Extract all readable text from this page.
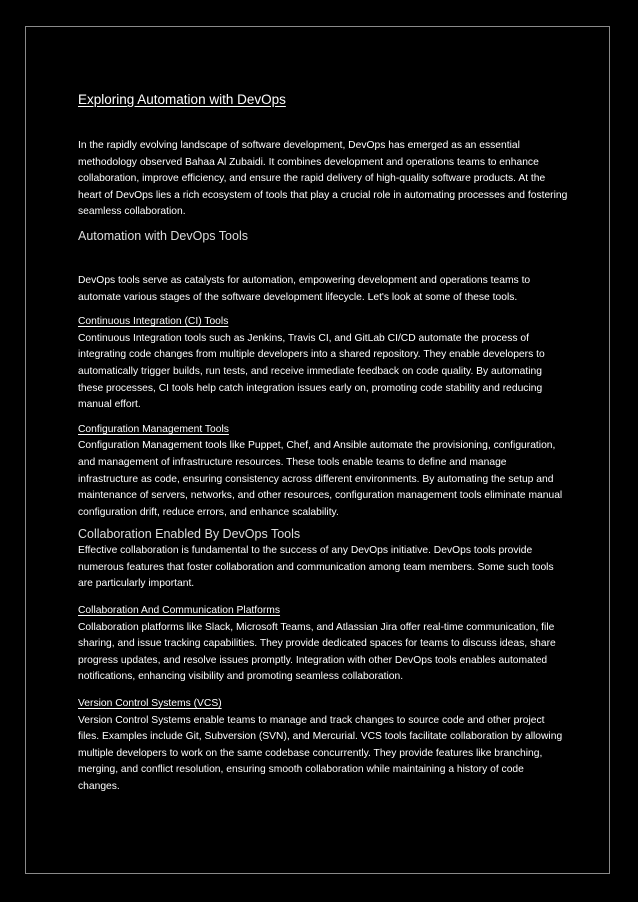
Exploring Automation with DevOps

In the rapidly evolving landscape of software development, DevOps has emerged as an essential methodology observed Bahaa Al Zubaidi. It combines development and operations teams to enhance collaboration, improve efficiency, and ensure the rapid delivery of high-quality software products. At the heart of DevOps lies a rich ecosystem of tools that play a crucial role in automating processes and fostering seamless collaboration.

Automation with DevOps Tools

DevOps tools serve as catalysts for automation, empowering development and operations teams to automate various stages of the software development lifecycle. Let's look at some of these tools.

Continuous Integration (CI) Tools

Continuous Integration tools such as Jenkins, Travis CI, and GitLab CI/CD automate the process of integrating code changes from multiple developers into a shared repository. They enable developers to automatically trigger builds, run tests, and receive immediate feedback on code quality. By automating these processes, CI tools help catch integration issues early on, promoting code stability and reducing manual effort.

Configuration Management Tools

Configuration Management tools like Puppet, Chef, and Ansible automate the provisioning, configuration, and management of infrastructure resources. These tools enable teams to define and manage infrastructure as code, ensuring consistency across different environments. By automating the setup and maintenance of servers, networks, and other resources, configuration management tools eliminate manual configuration drift, reduce errors, and enhance scalability.

Collaboration Enabled By DevOps Tools

Effective collaboration is fundamental to the success of any DevOps initiative. DevOps tools provide numerous features that foster collaboration and communication among team members. Some such tools are particularly important.

Collaboration And Communication Platforms

Collaboration platforms like Slack, Microsoft Teams, and Atlassian Jira offer real-time communication, file sharing, and issue tracking capabilities. They provide dedicated spaces for teams to discuss ideas, share progress updates, and resolve issues promptly. Integration with other DevOps tools enables automated notifications, enhancing visibility and promoting seamless collaboration.

Version Control Systems (VCS)

Version Control Systems enable teams to manage and track changes to source code and other project files. Examples include Git, Subversion (SVN), and Mercurial. VCS tools facilitate collaboration by allowing multiple developers to work on the same codebase concurrently. They provide features like branching, merging, and conflict resolution, ensuring smooth collaboration while maintaining a history of code changes.
